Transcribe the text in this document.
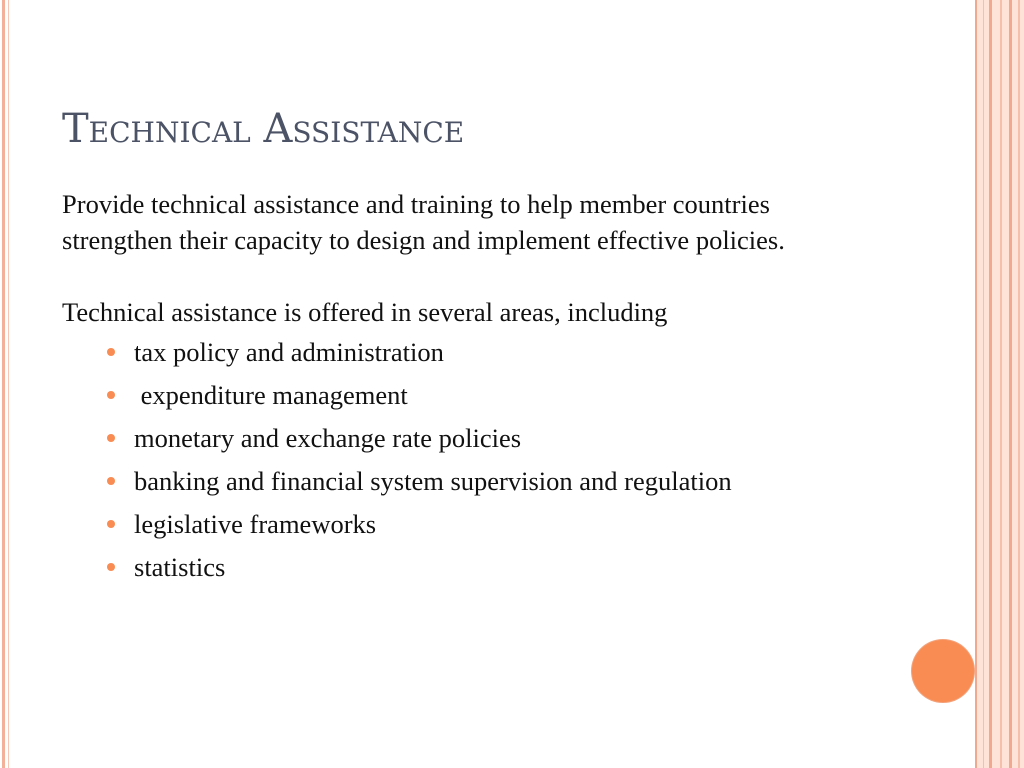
Technical Assistance

Provide technical assistance and training to help member countries strengthen their capacity to design and implement effective policies.

Technical assistance is offered in several areas, including

tax policy and administration
expenditure management
monetary and exchange rate policies
banking and financial system supervision and regulation
legislative frameworks
statistics
